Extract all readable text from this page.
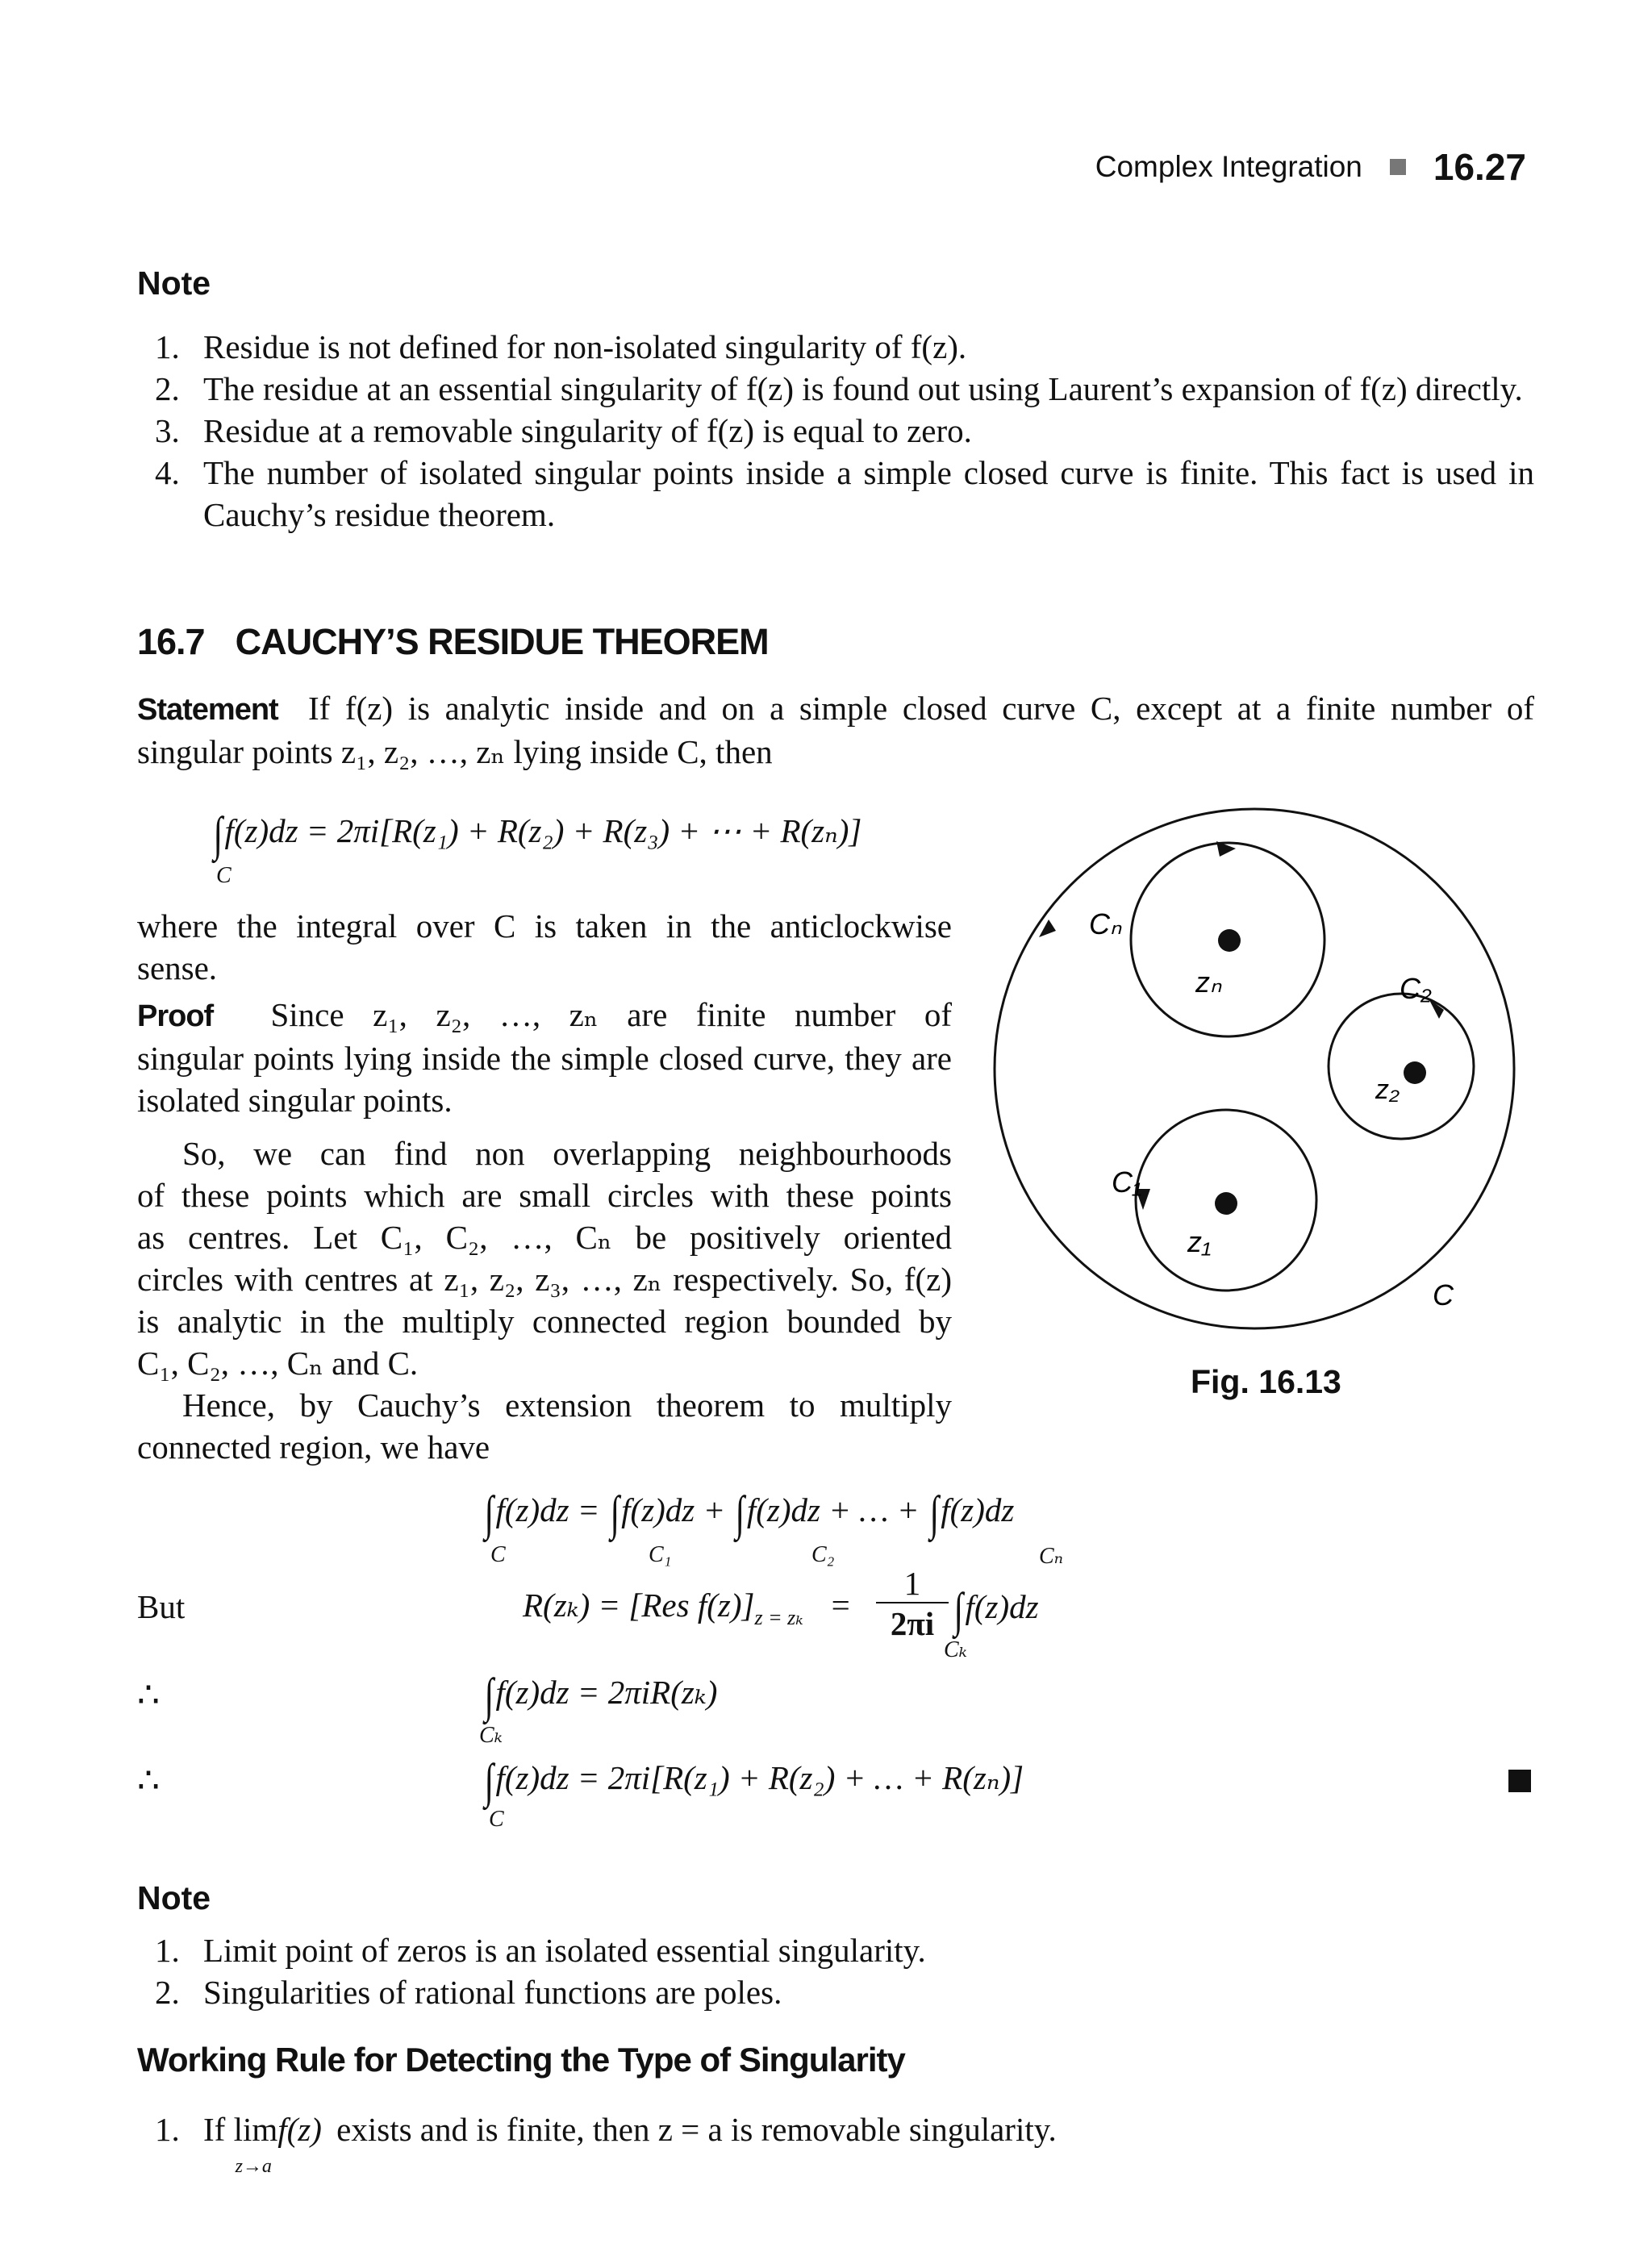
Complex Integration 16.27
Note
1. Residue is not defined for non-isolated singularity of f(z).
2. The residue at an essential singularity of f(z) is found out using Laurent’s expansion of f(z) directly.
3. Residue at a removable singularity of f(z) is equal to zero.
4. The number of isolated singular points inside a simple closed curve is finite. This fact is used in Cauchy’s residue theorem.
16.7 CAUCHY’S RESIDUE THEOREM
Statement If f(z) is analytic inside and on a simple closed curve C, except at a finite number of
singular points z₁, z₂, …, zₙ lying inside C, then
∫f(z)dz = 2πi[R(z₁) + R(z₂) + R(z₃) + ⋯ + R(zₙ)]
C
where the integral over C is taken in the anticlockwise
sense.
Proof Since z₁, z₂, …, zₙ are finite number of
singular points lying inside the simple closed curve, they are
isolated singular points.
So, we can find non overlapping neighbourhoods
of these points which are small circles with these points
as centres. Let C₁, C₂, …, Cₙ be positively oriented
circles with centres at z₁, z₂, z₃, …, zₙ respectively. So, f(z)
is analytic in the multiply connected region bounded by
C₁, C₂, …, Cₙ and C.
Hence, by Cauchy’s extension theorem to multiply
connected region, we have
Cₙ
zₙ	C₂
z₂
C₁
z₁
C
Fig. 16.13
∫f(z)dz = ∫f(z)dz + ∫f(z)dz + … + ∫f(z)dz
C	C₁	C₂	Cₙ
But	R(zₖ) = [Res $f(z)]_{z = z_k}$ =
1
2πi ∫f(z)dz
Cₖ
∴	∫f(z)dz = 2πiR(zₖ)
Cₖ
∴	∫f(z)dz = 2πi[R(z₁) + R(z₂) + … + R(zₙ)]
C
Note
1. Limit point of zeros is an isolated essential singularity.
2. Singularities of rational functions are poles.
Working Rule for Detecting the Type of Singularity
1. If lim
z→a
f(z) exists and is finite, then z = a is removable singularity.
